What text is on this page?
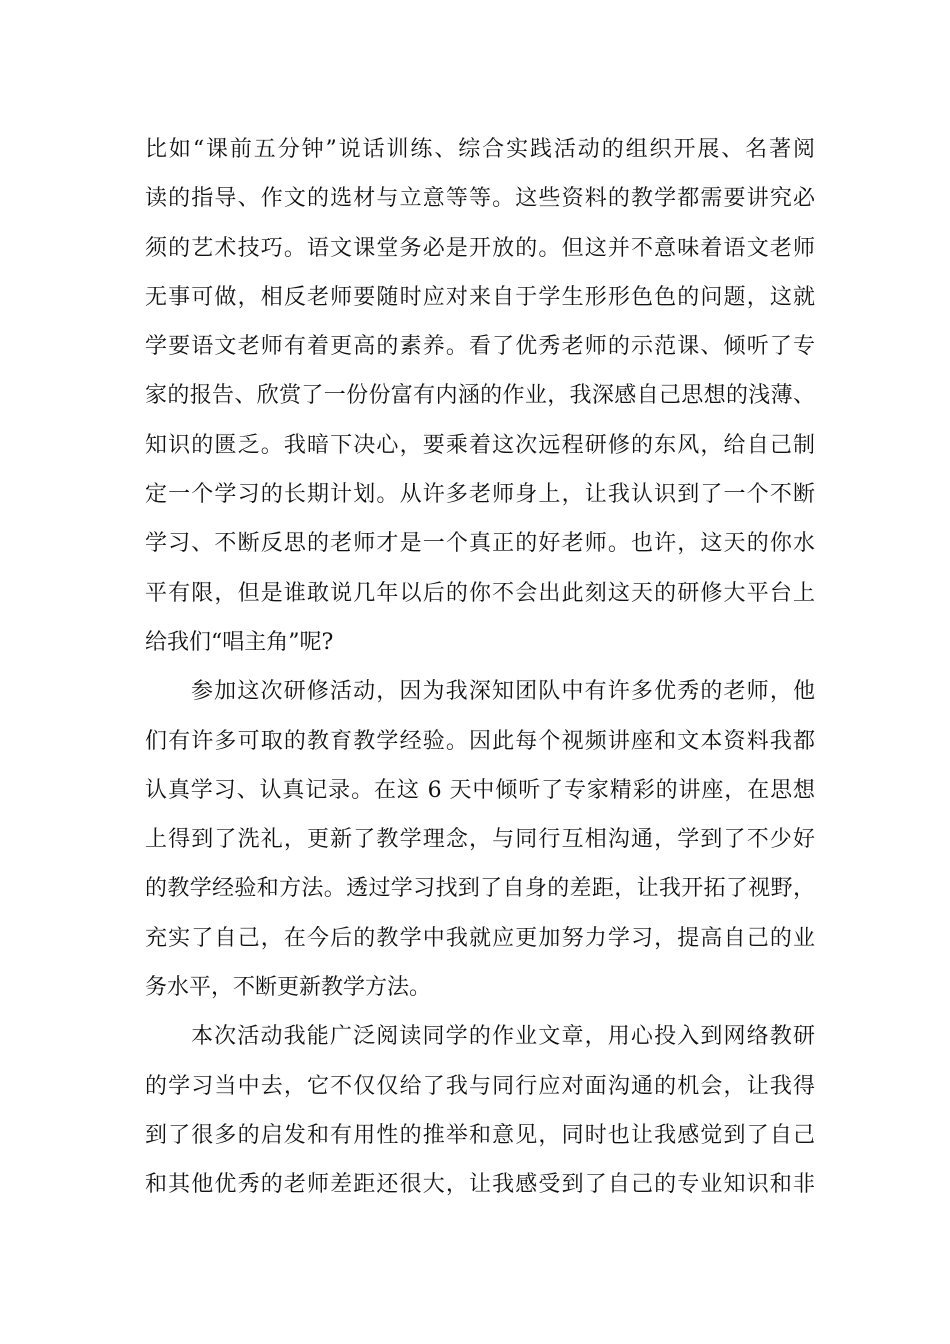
比如“课前五分钟”说话训练、综合实践活动的组织开展、名著阅
读的指导、作文的选材与立意等等。这些资料的教学都需要讲究必
须的艺术技巧。语文课堂务必是开放的。但这并不意味着语文老师
无事可做，相反老师要随时应对来自于学生形形色色的问题，这就
学要语文老师有着更高的素养。看了优秀老师的示范课、倾听了专
家的报告、欣赏了一份份富有内涵的作业，我深感自己思想的浅薄、
知识的匮乏。我暗下决心，要乘着这次远程研修的东风，给自己制
定一个学习的长期计划。从许多老师身上，让我认识到了一个不断
学习、不断反思的老师才是一个真正的好老师。也许，这天的你水
平有限，但是谁敢说几年以后的你不会出此刻这天的研修大平台上
给我们“唱主角”呢?
参加这次研修活动，因为我深知团队中有许多优秀的老师，他
们有许多可取的教育教学经验。因此每个视频讲座和文本资料我都
认真学习、认真记录。在这 6 天中倾听了专家精彩的讲座，在思想
上得到了洗礼，更新了教学理念，与同行互相沟通，学到了不少好
的教学经验和方法。透过学习找到了自身的差距，让我开拓了视野，
充实了自己，在今后的教学中我就应更加努力学习，提高自己的业
务水平，不断更新教学方法。
本次活动我能广泛阅读同学的作业文章，用心投入到网络教研
的学习当中去，它不仅仅给了我与同行应对面沟通的机会，让我得
到了很多的启发和有用性的推举和意见，同时也让我感觉到了自己
和其他优秀的老师差距还很大，让我感受到了自己的专业知识和非
